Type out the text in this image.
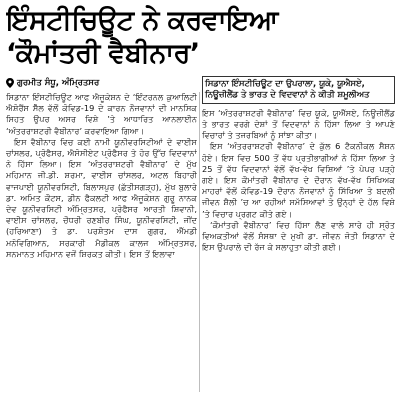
ਇੰਸਟੀਚਿਊਟ ਨੇ ਕਰਵਾਇਆ
‘ਕੌਮਾਂਤਰੀ ਵੈਬੀਨਾਰ’
ਗੁਰਮੀਤ ਸੰਧੂ, ਅੰਮ੍ਰਿਤਸਰ

ਸਿਡਾਨਾ ਇੰਸਟੀਚਿਊਟ ਆਫ ਐਜੂਕੇਸ਼ਨ ਦੇ ‘ਇੰਟਰਨਲ ਕੁਆਲਿਟੀ ਐਸ਼ੋਰੈਂਸ ਸੈੱਲ ਵੱਲੋਂ ਕੋਵਿਡ-19 ਦੇ ਕਾਰਨ ਨੌਜਵਾਨਾਂ ਦੀ ਮਾਨਸਿਕ ਸਿਹਤ ਉਪਰ ਅਸਰ ਵਿਸ਼ੇ ’ਤੇ ਆਧਾਰਿਤ ਆਨਲਾਈਨ ‘ਅੰਤਰਰਾਸ਼ਟਰੀ ਵੈਬੀਨਾਰ’ ਕਰਵਾਇਆ ਗਿਆ।

ਇਸ ਵੈਬੀਨਾਰ ਵਿਚ ਕਈ ਨਾਮੀ ਯੂਨੀਵਰਸਿਟੀਆਂ ਦੇ ਵਾਈਸ ਚਾਂਸਲਰ, ਪ੍ਰੋਫੈਸਰ, ਐਸੋਸੀਏਟ ਪ੍ਰੋਫੈਸਰ ਤੇ ਹੋਰ ਉੱਚ ਵਿਦਵਾਨਾਂ ਨੇ ਹਿੱਸਾ ਲਿਆ। ਇਸ ‘ਅੰਤਰਰਾਸ਼ਟਰੀ ਵੈਬੀਨਾਰ’ ਦੇ ਮੁੱਖ ਮਹਿਮਾਨ ਜੀ.ਡੀ. ਸ਼ਰਮਾ, ਵਾਈਸ ਚਾਂਸਲਰ, ਅਟਲ ਬਿਹਾਰੀ ਵਾਜਪਾਈ ਯੂਨੀਵਰਸਿਟੀ, ਬਿਲਾਸਪੁਰ (ਛੱਤੀਸਗੜ੍ਹ), ਮੁੱਖ ਬੁਲਾਰੇ ਡਾ. ਅਮਿਤ ਕੌਟਸ, ਡੀਨ ਫੈਕਲਟੀ ਆਫ ਐਜੂਕੇਸ਼ਨ ਗੁਰੂ ਨਾਨਕ ਦੇਵ ਯੂਨੀਵਰਸਿਟੀ ਅੰਮ੍ਰਿਤਸਰ, ਪ੍ਰੋਫੈਸਰ ਆਰਤੀ ਸ਼ਿਵਾਨੀ, ਵਾਈਸ ਚਾਂਸਲਰ, ਚੌਧਰੀ ਰਣਬੀਰ ਸਿੰਘ, ਯੂਨੀਵਰਸਿਟੀ, ਜੀਂਦ (ਹਰਿਆਣਾ) ਤੇ ਡਾ. ਪਰਸ਼ੋਤਮ ਦਾਸ ਗੁਗਰ, ਐੱਮਡੀ ਮਨੋਵਿਗਿਆਨ, ਸਰਕਾਰੀ ਮੈਡੀਕਲ ਕਾਲਜ ਅੰਮ੍ਰਿਤਸਰ, ਸਨਮਾਨਤ ਮਹਿਮਾਨ ਵਜੋਂ ਸ਼ਿਰਕਤ ਕੀਤੀ। ਇਸ ਤੋਂ ਇਲਾਵਾ

ਸਿਡਾਨਾ ਇੰਸਟੀਚਿਊਟ ਦਾ ਉਪਰਾਲਾ, ਯੂਕੇ, ਯੂਐਸਏ, ਨਿਊਜ਼ੀਲੈਂਡ ਤੇ ਭਾਰਤ ਦੇ ਵਿਦਵਾਨਾਂ ਨੇ ਕੀਤੀ ਸ਼ਮੂਲੀਅਤ

ਇਸ ‘ਅੰਤਰਰਾਸ਼ਟਰੀ ਵੈਬੀਨਾਰ’ ਵਿਚ ਯੂਕੇ, ਯੂਐੱਸਏ, ਨਿਊਜ਼ੀਲੈਂਡ ਤੇ ਭਾਰਤ ਵਰਗੇ ਦੇਸ਼ਾਂ ਤੋਂ ਵਿਦਵਾਨਾਂ ਨੇ ਹਿੱਸਾ ਲਿਆ ਤੇ ਆਪਣੇ ਵਿਚਾਰਾਂ ਤੇ ਤਜਰਬਿਆਂ ਨੂੰ ਸਾਂਝਾ ਕੀਤਾ।

ਇਸ ‘ਅੰਤਰਰਾਸ਼ਟਰੀ ਵੈਬੀਨਾਰ’ ਦੇ ਕੁੱਲ 6 ਟੈਕਨੀਕਲ ਸੈਸ਼ਨ ਹੋਏ। ਇਸ ਵਿਚ 500 ਤੋਂ ਵੱਧ ਪ੍ਰਤੀਭਾਗੀਆਂ ਨੇ ਹਿੱਸਾ ਲਿਆ ਤੇ 25 ਤੋਂ ਵੱਧ ਵਿਦਵਾਨਾਂ ਵੱਲੋਂ ਵੱਖ-ਵੱਖ ਵਿਸ਼ਿਆਂ ’ਤੇ ਪੇਪਰ ਪੜ੍ਹੇ ਗਏ। ਇਸ ਕੌਮਾਂਤਰੀ ਵੈਬੀਨਾਰ ਦੇ ਦੌਰਾਨ ਵੱਖ-ਵੱਖ ਸਿਖਿਅਕ ਮਾਹਰਾਂ ਵੱਲੋਂ ਕੋਵਿਡ-19 ਦੌਰਾਨ ਨੌਜਵਾਨਾਂ ਨੂੰ ਸਿੱਖਿਆ ਤੇ ਬਦਲੀ ਜੀਵਨ ਸ਼ੈਲੀ ’ਚ ਆ ਰਹੀਆਂ ਸਮੱਸਿਆਵਾਂ ਤੇ ਉਨ੍ਹਾਂ ਦੇ ਹੱਲ ਵਿਸ਼ੇ ’ਤੇ ਵਿਚਾਰ ਪ੍ਰਗਟ ਕੀਤੇ ਗਏ।

‘ਕੌਮਾਂਤਰੀ ਵੈਬੀਨਾਰ’ ਵਿਚ ਹਿੱਸਾ ਲੈਣ ਵਾਲੇ ਸਾਰੇ ਹੀ ਸ੍ਰੋਤ ਵਿਅਕਤੀਆਂ ਵੱਲੋਂ ਸੰਸਥਾ ਦੇ ਮੁਖੀ ਡਾ. ਜੀਵਨ ਜੋਤੀ ਸਿਡਾਨਾ ਦੇ ਇਸ ਉਪਰਾਲੇ ਦੀ ਰੱਜ ਕੇ ਸਲਾਹੁਤਾ ਕੀਤੀ ਗਈ।
